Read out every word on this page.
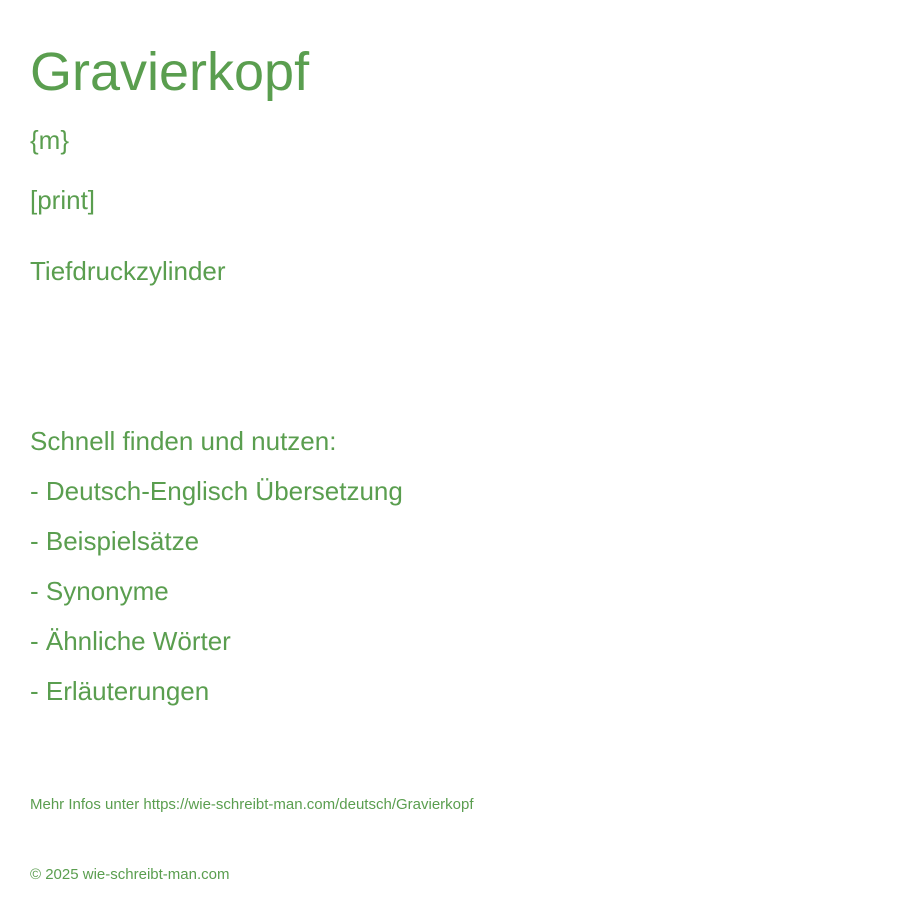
Gravierkopf
{m}
[print]
Tiefdruckzylinder
Schnell finden und nutzen:
- Deutsch-Englisch Übersetzung
- Beispielsätze
- Synonyme
- Ähnliche Wörter
- Erläuterungen
Mehr Infos unter https://wie-schreibt-man.com/deutsch/Gravierkopf
© 2025 wie-schreibt-man.com
